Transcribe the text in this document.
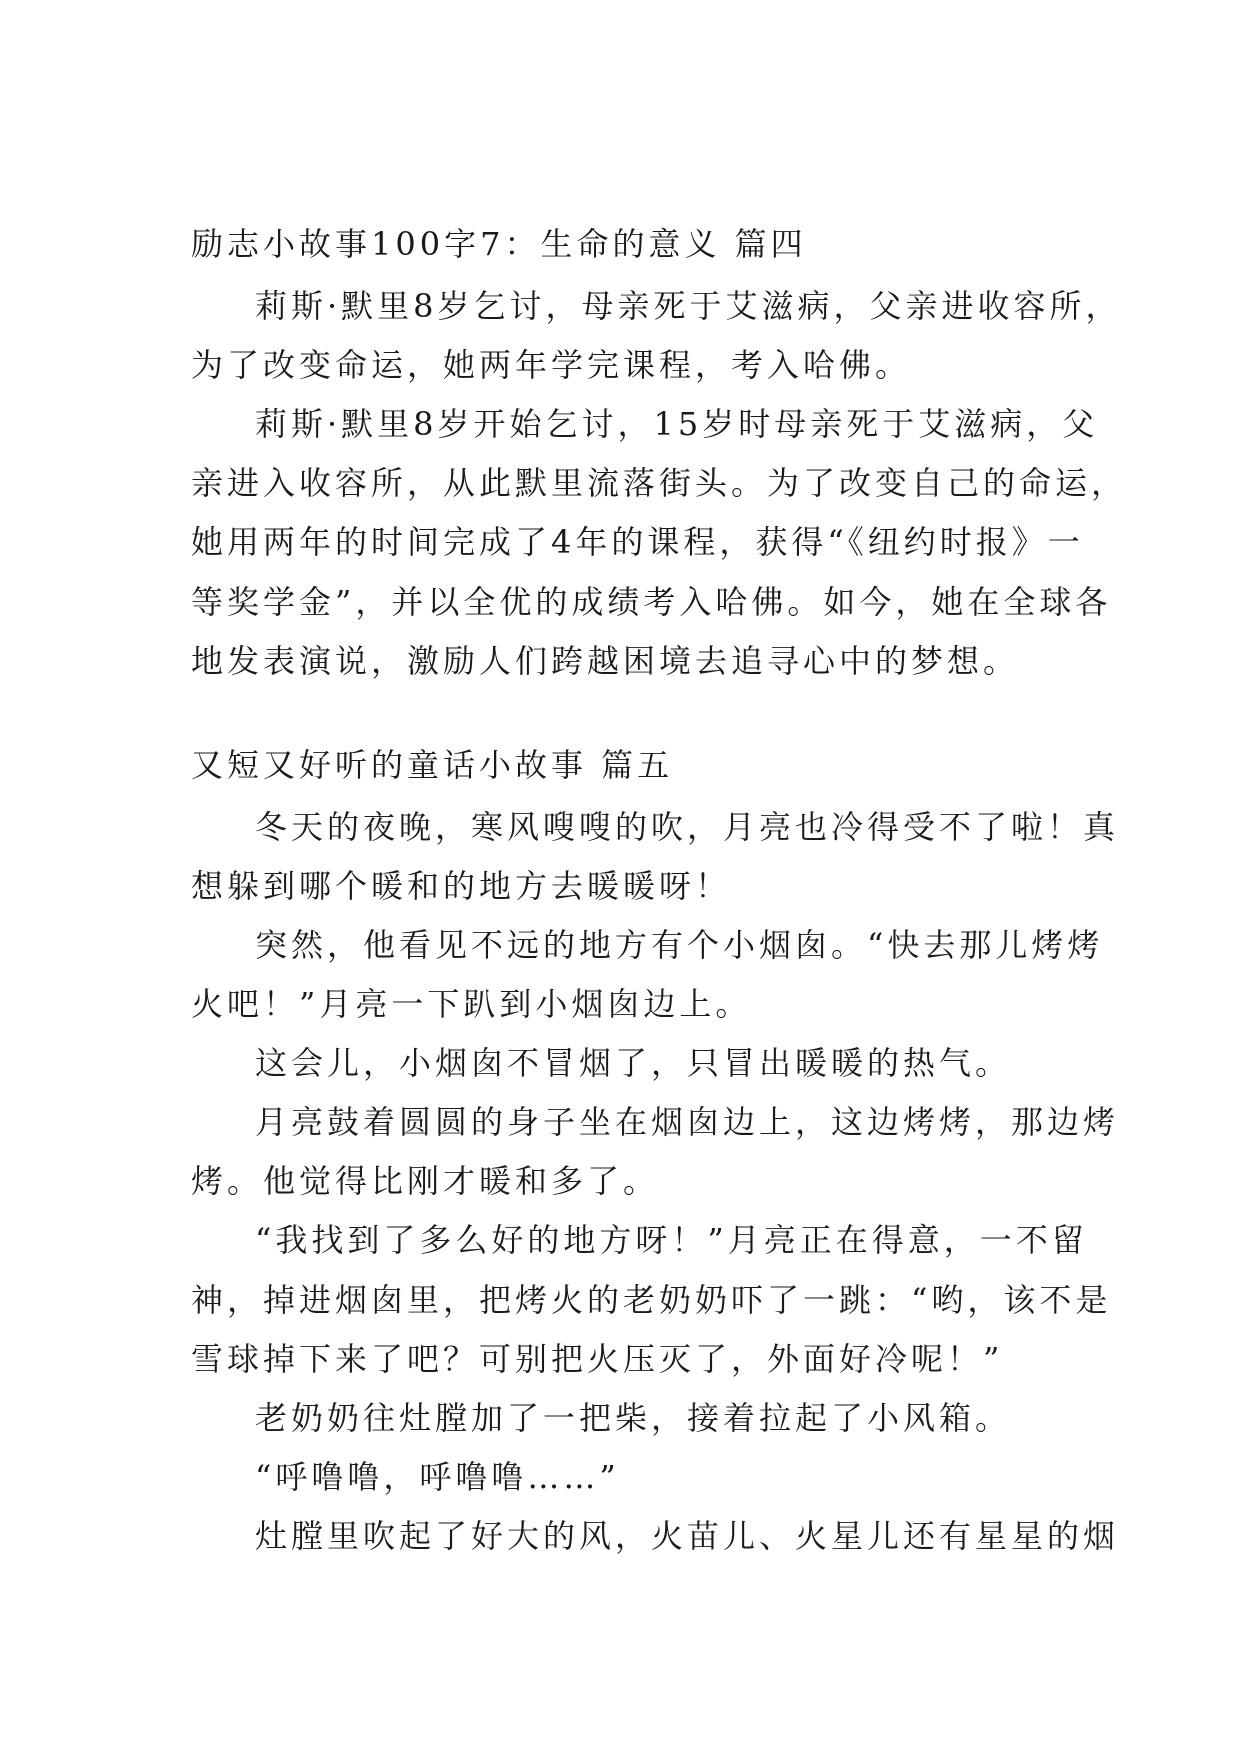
励志小故事100字7：生命的意义 篇四
莉斯·默里8岁乞讨，母亲死于艾滋病，父亲进收容所，
为了改变命运，她两年学完课程，考入哈佛。
莉斯·默里8岁开始乞讨，15岁时母亲死于艾滋病，父
亲进入收容所，从此默里流落街头。为了改变自己的命运，
她用两年的时间完成了4年的课程，获得“《纽约时报》一
等奖学金”，并以全优的成绩考入哈佛。如今，她在全球各
地发表演说，激励人们跨越困境去追寻心中的梦想。
又短又好听的童话小故事 篇五
冬天的夜晚，寒风嗖嗖的吹，月亮也冷得受不了啦！真
想躲到哪个暖和的地方去暖暖呀！
突然，他看见不远的地方有个小烟囱。“快去那儿烤烤
火吧！”月亮一下趴到小烟囱边上。
这会儿，小烟囱不冒烟了，只冒出暖暖的热气。
月亮鼓着圆圆的身子坐在烟囱边上，这边烤烤，那边烤
烤。他觉得比刚才暖和多了。
“我找到了多么好的地方呀！”月亮正在得意，一不留
神，掉进烟囱里，把烤火的老奶奶吓了一跳：“哟，该不是
雪球掉下来了吧？可别把火压灭了，外面好冷呢！”
老奶奶往灶膛加了一把柴，接着拉起了小风箱。
“呼噜噜，呼噜噜……”
灶膛里吹起了好大的风，火苗儿、火星儿还有星星的烟
